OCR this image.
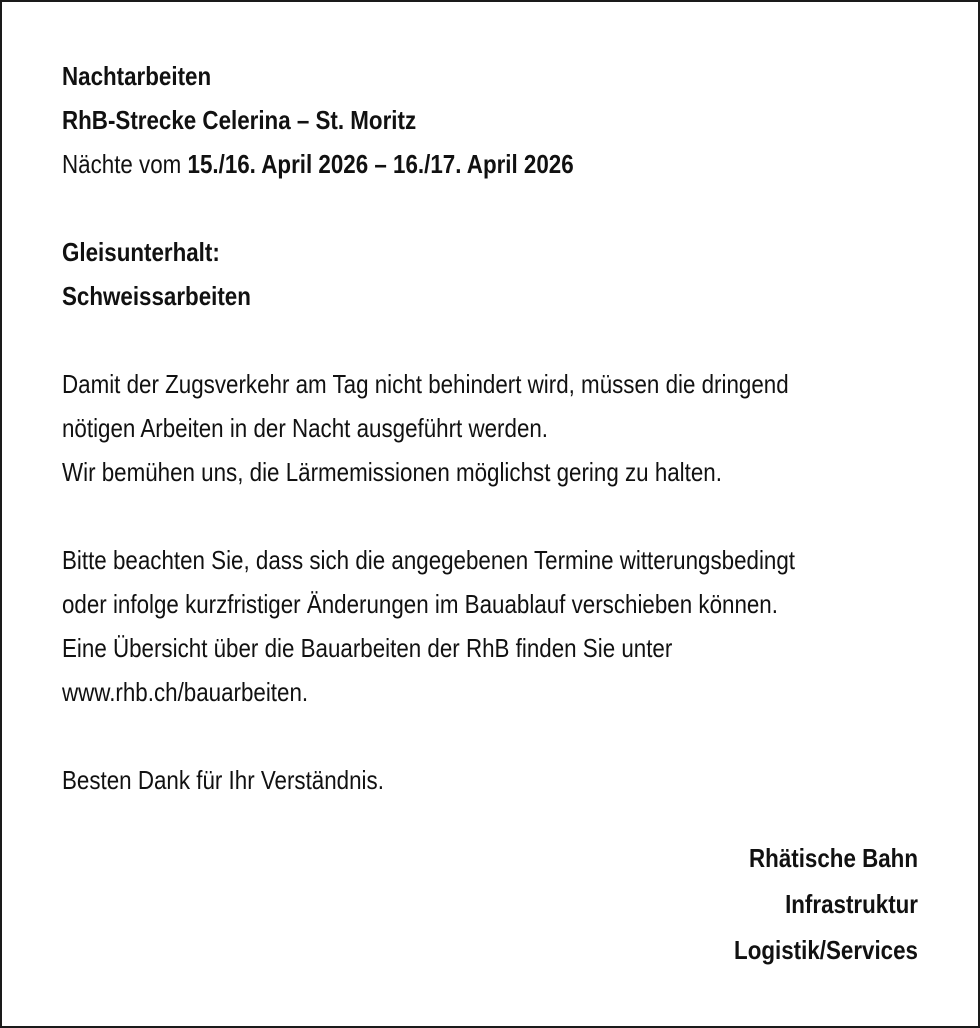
Nachtarbeiten
RhB-Strecke Celerina – St. Moritz
Nächte vom 15./16. April 2026 – 16./17. April 2026
Gleisunterhalt:
Schweissarbeiten
Damit der Zugsverkehr am Tag nicht behindert wird, müssen die dringend
nötigen Arbeiten in der Nacht ausgeführt werden.
Wir bemühen uns, die Lärmemissionen möglichst gering zu halten.
Bitte beachten Sie, dass sich die angegebenen Termine witterungsbedingt
oder infolge kurzfristiger Änderungen im Bauablauf verschieben können.
Eine Übersicht über die Bauarbeiten der RhB finden Sie unter
www.rhb.ch/bauarbeiten.
Besten Dank für Ihr Verständnis.
Rhätische Bahn
Infrastruktur
Logistik/Services
